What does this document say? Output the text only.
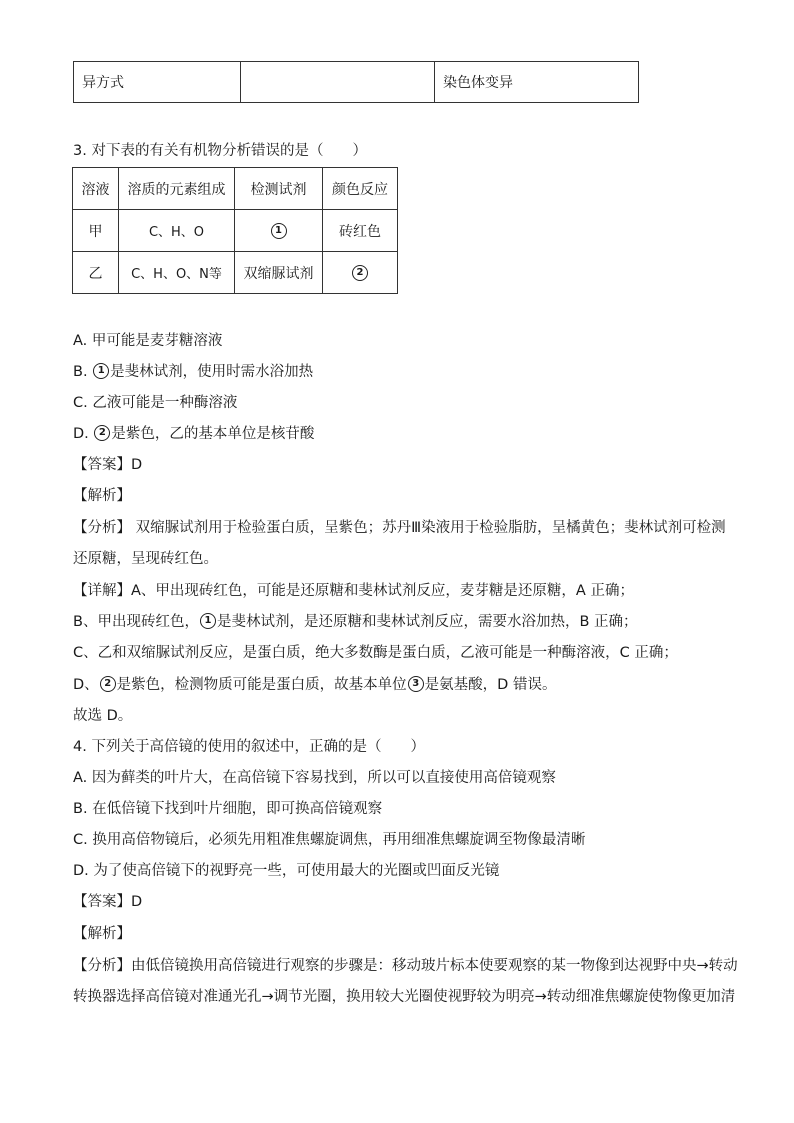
异方式		染色体变异
3. 对下表的有关有机物分析错误的是（　　）
溶液	溶质的元素组成	检测试剂	颜色反应
甲	C、H、O	1	砖红色
乙	C、H、O、N等	双缩脲试剂	2
A. 甲可能是麦芽糖溶液
B. 1 是斐林试剂，使用时需水浴加热
C. 乙液可能是一种酶溶液
D. 2 是紫色，乙的基本单位是核苷酸
【答案】D
【解析】
【分析】 双缩脲试剂用于检验蛋白质，呈紫色；苏丹Ⅲ染液用于检验脂肪，呈橘黄色；斐林试剂可检测
还原糖，呈现砖红色。
【详解】A、甲出现砖红色，可能是还原糖和斐林试剂反应，麦芽糖是还原糖，A 正确；
B、甲出现砖红色， 1 是斐林试剂，是还原糖和斐林试剂反应，需要水浴加热，B 正确；
C、乙和双缩脲试剂反应，是蛋白质，绝大多数酶是蛋白质，乙液可能是一种酶溶液，C 正确；
D、 2 是紫色，检测物质可能是蛋白质，故基本单位 3 是氨基酸，D 错误。
故选 D。
4. 下列关于高倍镜的使用的叙述中，正确的是（　　）
A. 因为藓类的叶片大，在高倍镜下容易找到，所以可以直接使用高倍镜观察
B. 在低倍镜下找到叶片细胞，即可换高倍镜观察
C. 换用高倍物镜后，必须先用粗准焦螺旋调焦，再用细准焦螺旋调至物像最清晰
D. 为了使高倍镜下的视野亮一些，可使用最大的光圈或凹面反光镜
【答案】D
【解析】
【分析】由低倍镜换用高倍镜进行观察的步骤是：移动玻片标本使要观察的某一物像到达视野中央→转动
转换器选择高倍镜对准通光孔→调节光圈，换用较大光圈使视野较为明亮→转动细准焦螺旋使物像更加清
